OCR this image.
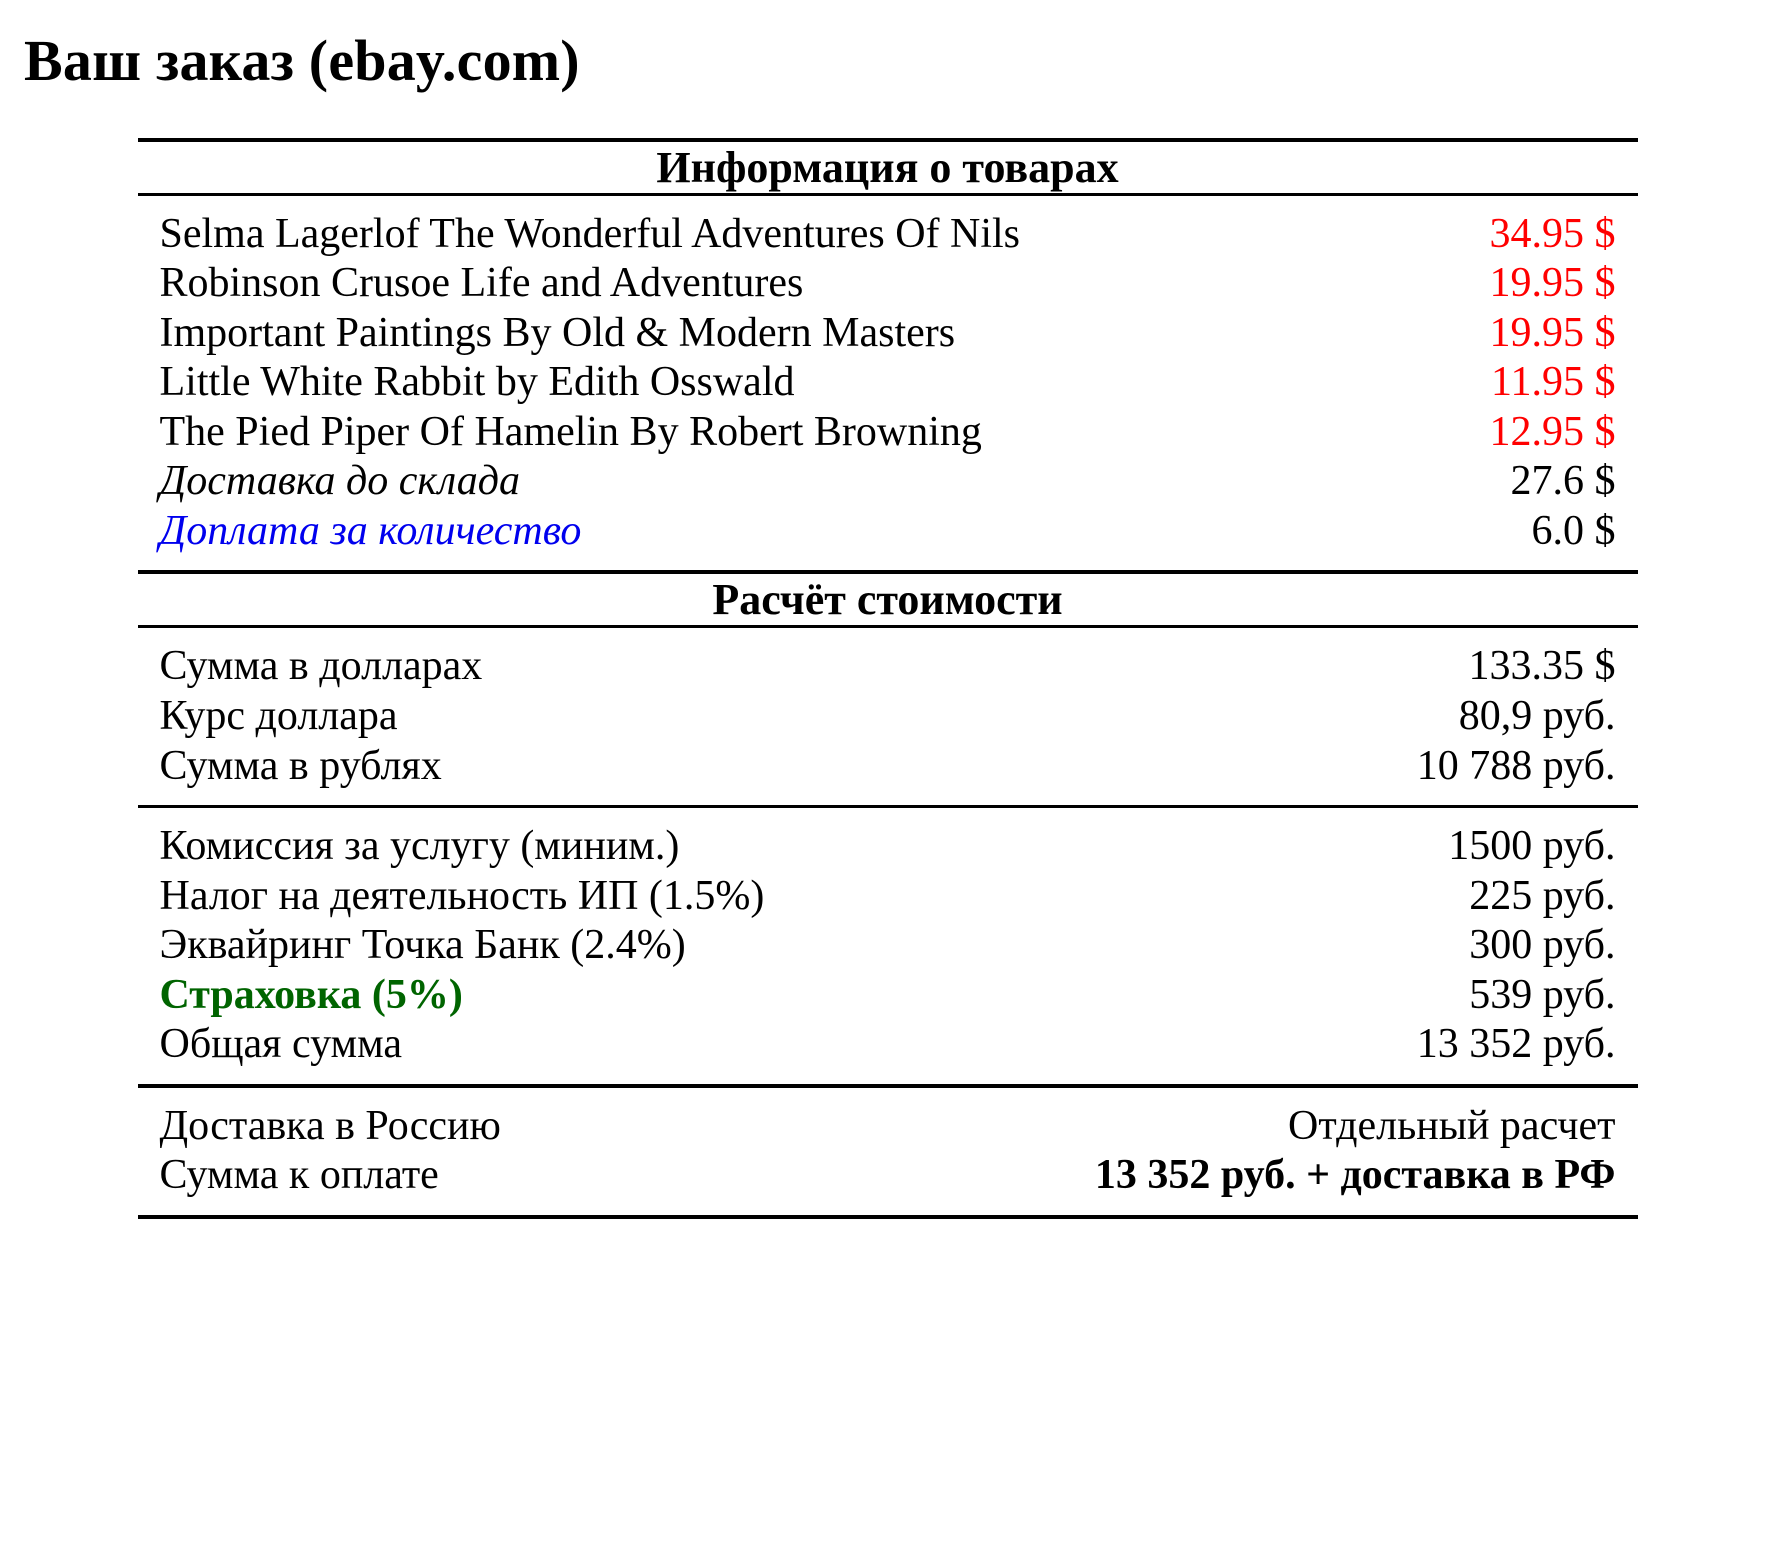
Ваш заказ (ebay.com)
Информация о товарах	
Selma Lagerlof The Wonderful Adventures Of Nils	34.95 $
Robinson Crusoe Life and Adventures	19.95 $
Important Paintings By Old & Modern Masters	19.95 $
Little White Rabbit by Edith Osswald	11.95 $
The Pied Piper Of Hamelin By Robert Browning	12.95 $
Доставка до склада	27.6 $
Доплата за количество	6.0 $
Расчёт стоимости	
Сумма в долларах	133.35 $
Курс доллара	80,9 руб.
Сумма в рублях	10 788 руб.
Комиссия за услугу (миним.)	1500 руб.
Налог на деятельность ИП (1.5%)	225 руб.
Эквайринг Точка Банк (2.4%)	300 руб.
Страховка (5%)	539 руб.
Общая сумма	13 352 руб.
Доставка в Россию	Отдельный расчет
Сумма к оплате	13 352 руб. + доставка в РФ
